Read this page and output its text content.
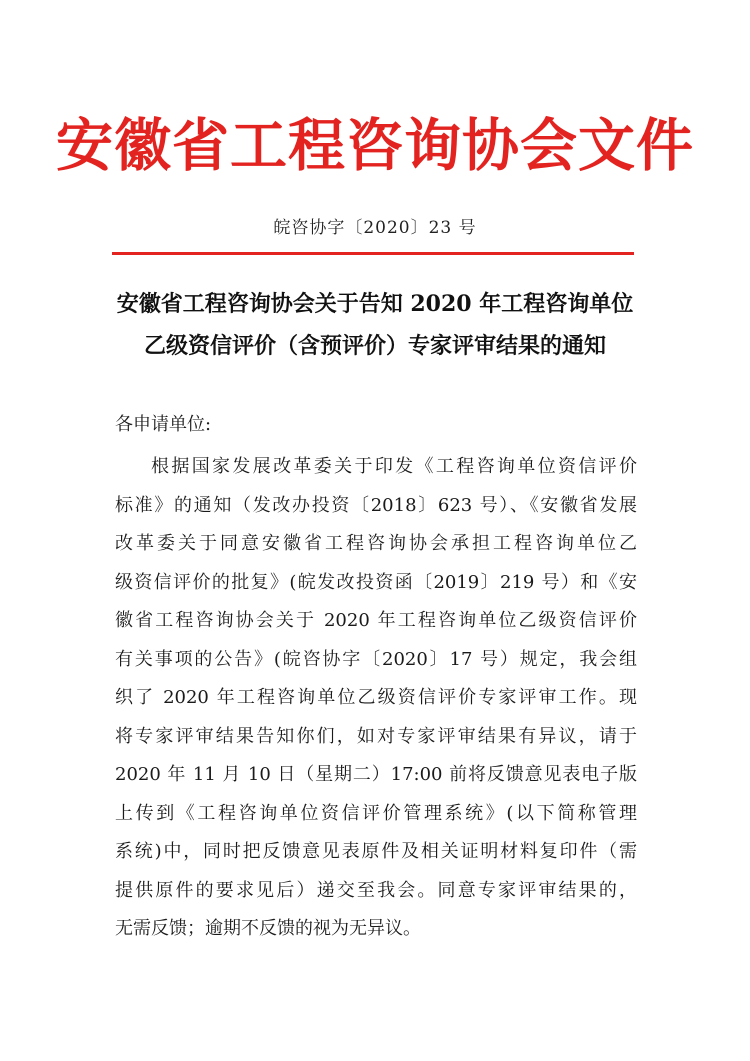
安徽省工程咨询协会文件
皖咨协字〔2020〕23 号
安徽省工程咨询协会关于告知 2020 年工程咨询单位
乙级资信评价（含预评价）专家评审结果的通知
各申请单位:
根据国家发展改革委关于印发《工程咨询单位资信评价
标准》的通知（发改办投资〔2018〕623 号）、《安徽省发展
改革委关于同意安徽省工程咨询协会承担工程咨询单位乙
级资信评价的批复》(皖发改投资函〔2019〕219 号）和《安
徽省工程咨询协会关于 2020 年工程咨询单位乙级资信评价
有关事项的公告》(皖咨协字〔2020〕17 号）规定，我会组
织了 2020 年工程咨询单位乙级资信评价专家评审工作。现
将专家评审结果告知你们，如对专家评审结果有异议，请于
2020 年 11 月 10 日（星期二）17:00 前将反馈意见表电子版
上传到《工程咨询单位资信评价管理系统》(以下简称管理
系统)中，同时把反馈意见表原件及相关证明材料复印件（需
提供原件的要求见后）递交至我会。同意专家评审结果的，
无需反馈；逾期不反馈的视为无异议。
